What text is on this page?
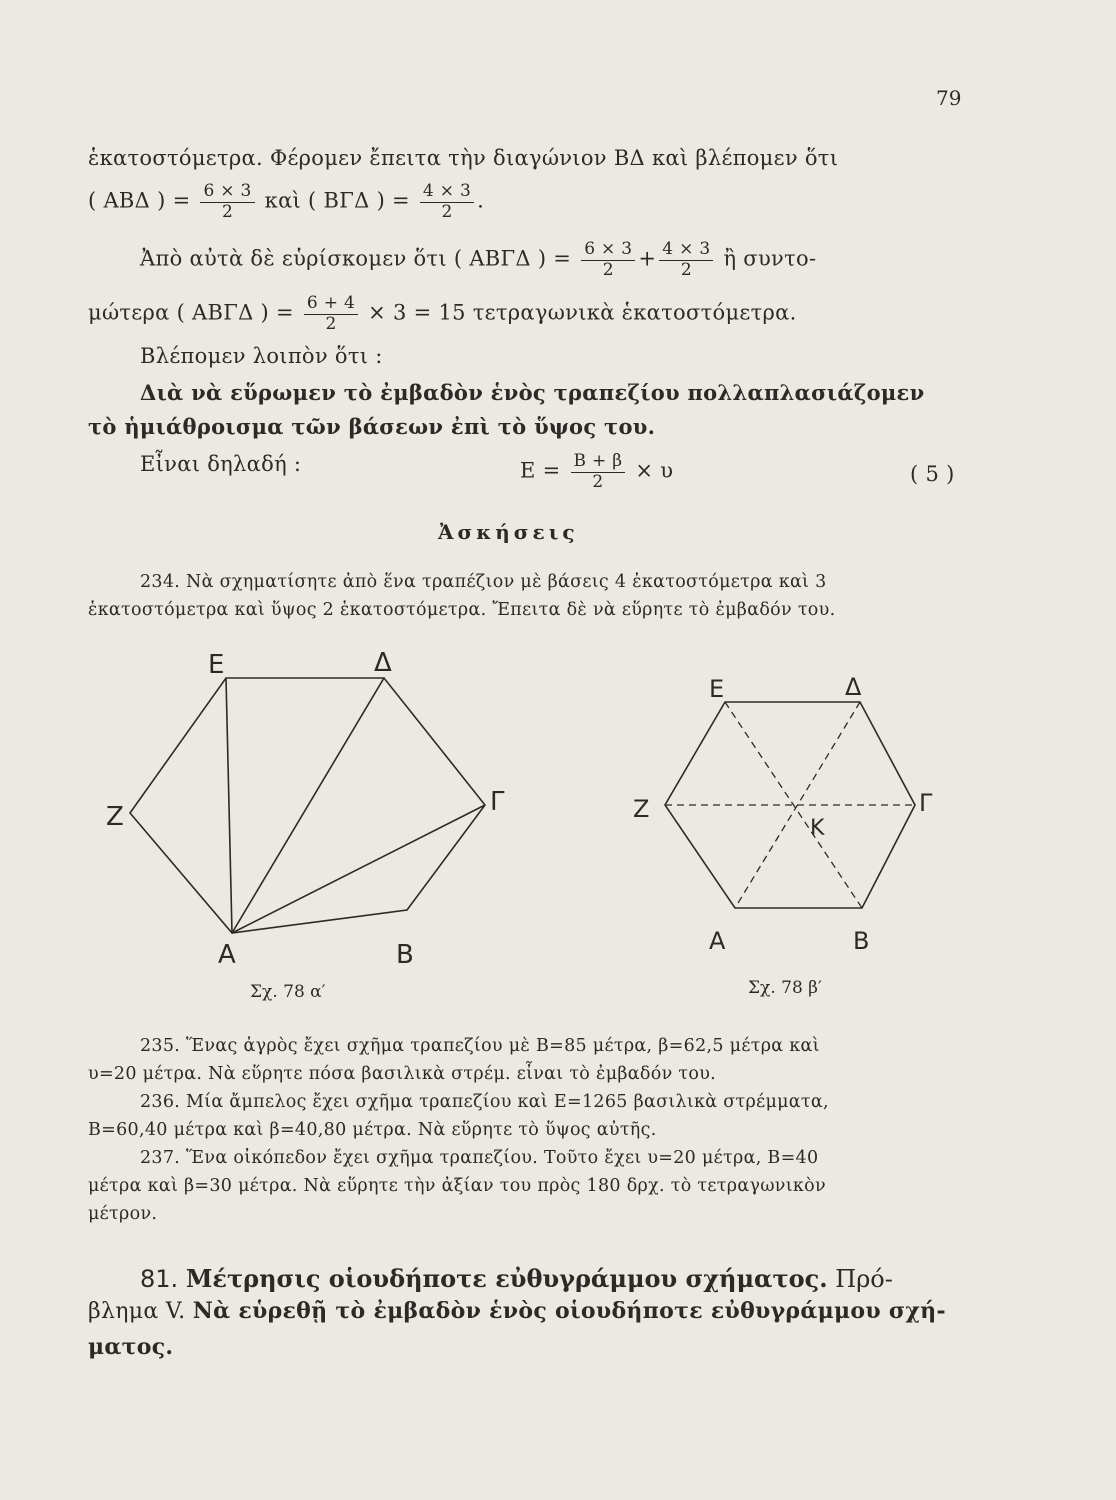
79
ἑκατοστόμετρα. Φέρομεν ἔπειτα τὴν διαγώνιον ΒΔ καὶ βλέπομεν ὅτι
( ΑΒΔ ) = $\frac{6 \times 3}{2}$ καὶ ( ΒΓΔ ) = $\frac{4 \times 3}{2}$ .
Ἀπὸ αὐτὰ δὲ εὑρίσκομεν ὅτι ( ΑΒΓΔ ) = $\frac{6 \times 3}{2} + \frac{4 \times 3}{2}$ ἢ συντο-
μώτερα ( ΑΒΓΔ ) = $\frac{6 + 4}{2} \times 3 = 15$ τετραγωνικὰ ἑκατοστόμετρα.
Βλέπομεν λοιπὸν ὅτι :
Διὰ νὰ εὕρωμεν τὸ ἐμβαδὸν ἑνὸς τραπεζίου πολλαπλασιάζομεν
τὸ ἡμιάθροισμα τῶν βάσεων ἐπὶ τὸ ὕψος του.
Εἶναι δηλαδή :	$E = \frac{B + \beta}{2} \times \upsilon$	( 5 )
Ἀσκήσεις
234. Νὰ σχηματίσητε ἀπὸ ἕνα τραπέζιον μὲ βάσεις 4 ἑκατοστόμετρα καὶ 3
ἑκατοστόμετρα καὶ ὕψος 2 ἑκατοστόμετρα. Ἔπειτα δὲ νὰ εὕρητε τὸ ἐμβαδόν του.
Ε	Δ
Ζ	Γ
Α	Β
Σχ. 78 α′
Ε	Δ
Ζ	Γ
Κ
Α	Β
Σχ. 78 β′
235. Ἕνας ἀγρὸς ἔχει σχῆμα τραπεζίου μὲ Β=85 μέτρα, β=62,5 μέτρα καὶ
υ=20 μέτρα. Νὰ εὕρητε πόσα βασιλικὰ στρέμ. εἶναι τὸ ἐμβαδόν του.
236. Μία ἄμπελος ἔχει σχῆμα τραπεζίου καὶ Ε=1265 βασιλικὰ στρέμματα,
Β=60,40 μέτρα καὶ β=40,80 μέτρα. Νὰ εὕρητε τὸ ὕψος αὐτῆς.
237. Ἕνα οἰκόπεδον ἔχει σχῆμα τραπεζίου. Τοῦτο ἔχει υ=20 μέτρα, Β=40
μέτρα καὶ β=30 μέτρα. Νὰ εὕρητε τὴν ἀξίαν του πρὸς 180 δρχ. τὸ τετραγωνικὸν
μέτρον.
81. Μέτρησις οἱουδήποτε εὐθυγράμμου σχήματος. Πρό-
βλημα V. Νὰ εὑρεθῇ τὸ ἐμβαδὸν ἑνὸς οἱουδήποτε εὐθυγράμμου σχή-
ματος.
